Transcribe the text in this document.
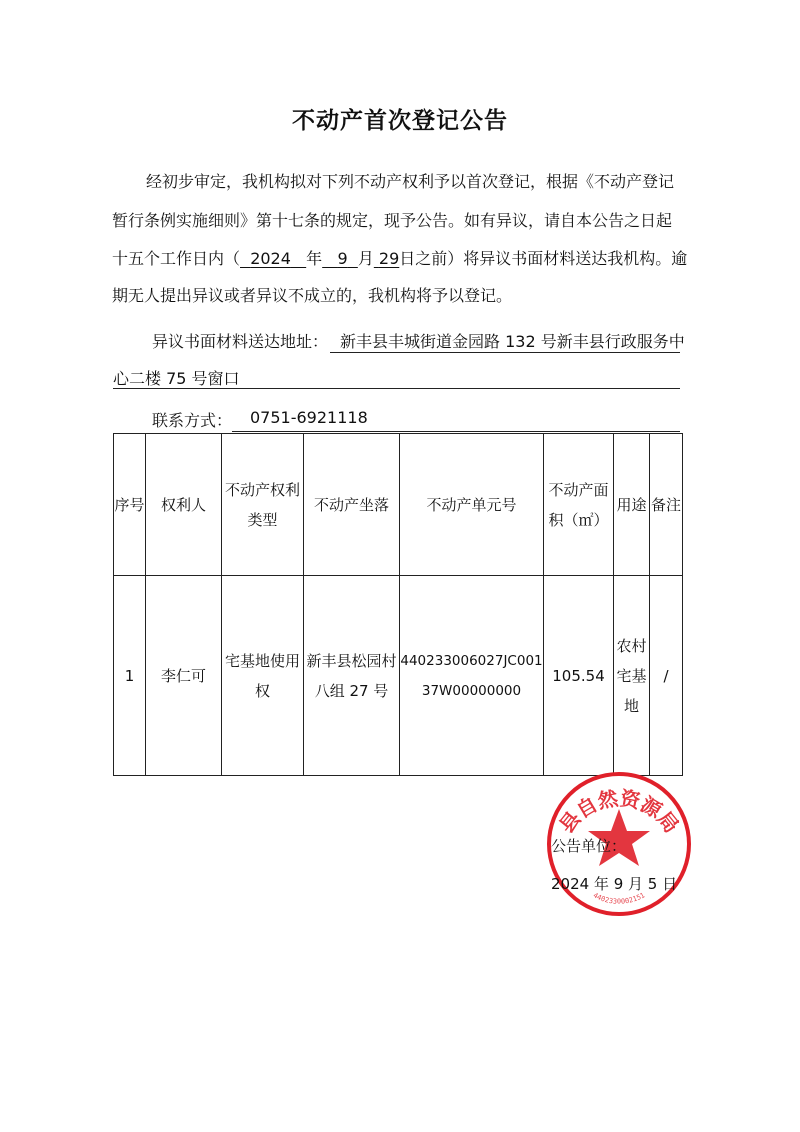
不动产首次登记公告
经初步审定，我机构拟对下列不动产权利予以首次登记，根据《不动产登记
暂行条例实施细则》第十七条的规定，现予公告。如有异议，请自本公告之日起
十五个工作日内（ 2024 年 9 月 29日之前）将异议书面材料送达我机构。逾
期无人提出异议或者异议不成立的，我机构将予以登记。
异议书面材料送达地址： 新丰县丰城街道金园路 132 号新丰县行政服务中
心二楼 75 号窗口
联系方式： 0751-6921118
序号	权利人	不动产权利类型	不动产坐落	不动产单元号	不动产面积（㎡）	用途	备注
1	李仁可	宅基地使用权	新丰县松园村八组 27 号	440233006027JC00137W00000000	105.54	农村宅基地	/
县自然资源局
4402330002151
公告单位：
2024 年 9 月 5 日
